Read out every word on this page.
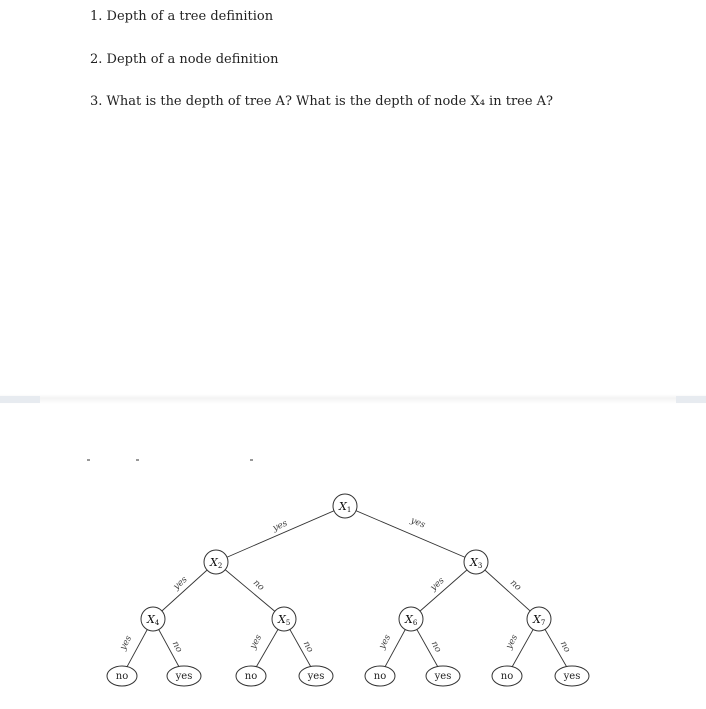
1. Depth of a tree definition
2. Depth of a node definition
3. What is the depth of tree A? What is the depth of node X₄ in tree A?
yes	yes
yes	no	yes	no
yes	no	yes	no	yes	no	yes	no
X1
X2	X3
X4	X5	X6	X7
no	yes	no	yes	no	yes	no	yes
